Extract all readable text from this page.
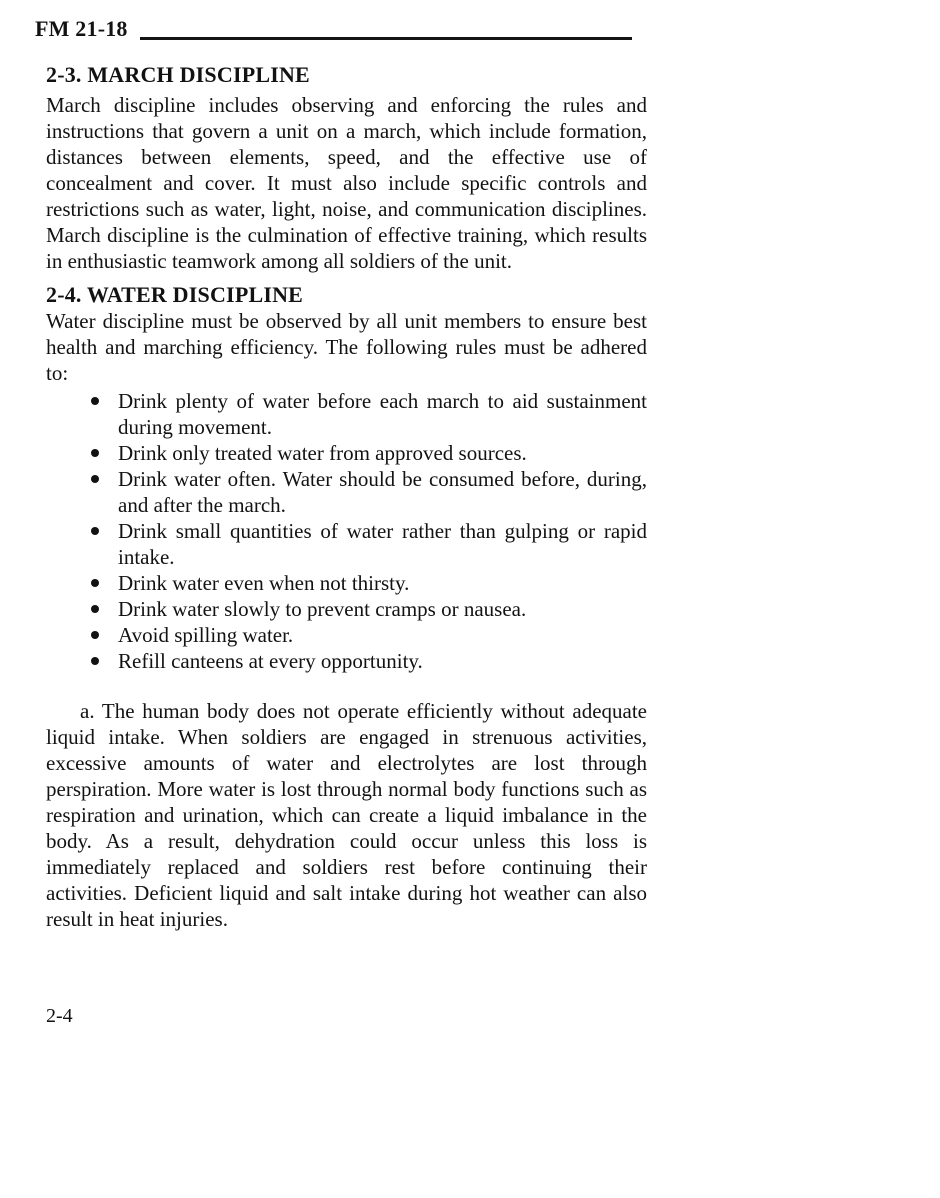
FM 21-18
2-3. MARCH DISCIPLINE

March discipline includes observing and enforcing the rules and instructions that govern a unit on a march, which include formation, distances between elements, speed, and the effective use of concealment and cover. It must also include specific controls and restrictions such as water, light, noise, and communication disciplines. March discipline is the culmination of effective training, which results in enthusiastic teamwork among all soldiers of the unit.

2-4. WATER DISCIPLINE

Water discipline must be observed by all unit members to ensure best health and marching efficiency. The following rules must be adhered to:

Drink plenty of water before each march to aid sustainment during movement.
Drink only treated water from approved sources.
Drink water often. Water should be consumed before, during, and after the march.
Drink small quantities of water rather than gulping or rapid intake.
Drink water even when not thirsty.
Drink water slowly to prevent cramps or nausea.
Avoid spilling water.
Refill canteens at every opportunity.

a. The human body does not operate efficiently without adequate liquid intake. When soldiers are engaged in strenuous activities, excessive amounts of water and electrolytes are lost through perspiration. More water is lost through normal body functions such as respiration and urination, which can create a liquid imbalance in the body. As a result, dehydration could occur unless this loss is immediately replaced and soldiers rest before continuing their activities. Deficient liquid and salt intake during hot weather can also result in heat injuries.

2-4
